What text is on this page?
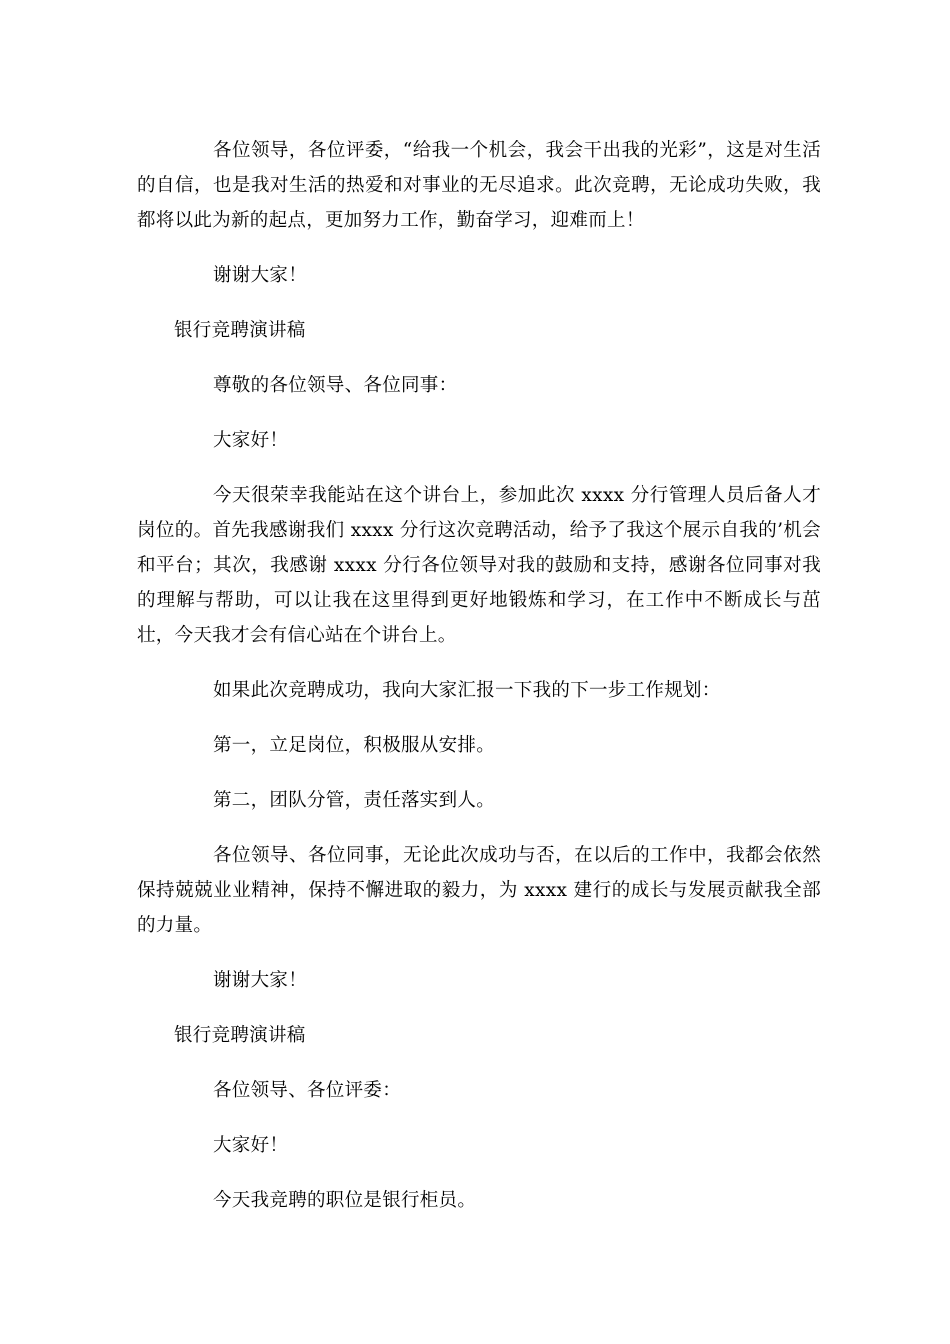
各位领导，各位评委，“给我一个机会，我会干出我的光彩”，这是对生活的自信，也是我对生活的热爱和对事业的无尽追求。此次竞聘，无论成功失败，我都将以此为新的起点，更加努力工作，勤奋学习，迎难而上！

谢谢大家！

银行竞聘演讲稿

尊敬的各位领导、各位同事：

大家好！

今天很荣幸我能站在这个讲台上，参加此次 xxxx 分行管理人员后备人才岗位的。首先我感谢我们 xxxx 分行这次竞聘活动，给予了我这个展示自我的’机会和平台；其次，我感谢 xxxx 分行各位领导对我的鼓励和支持，感谢各位同事对我的理解与帮助，可以让我在这里得到更好地锻炼和学习，在工作中不断成长与茁壮，今天我才会有信心站在个讲台上。

如果此次竞聘成功，我向大家汇报一下我的下一步工作规划：

第一，立足岗位，积极服从安排。

第二，团队分管，责任落实到人。

各位领导、各位同事，无论此次成功与否，在以后的工作中，我都会依然保持兢兢业业精神，保持不懈进取的毅力，为 xxxx 建行的成长与发展贡献我全部的力量。

谢谢大家！

银行竞聘演讲稿

各位领导、各位评委：

大家好！

今天我竞聘的职位是银行柜员。
